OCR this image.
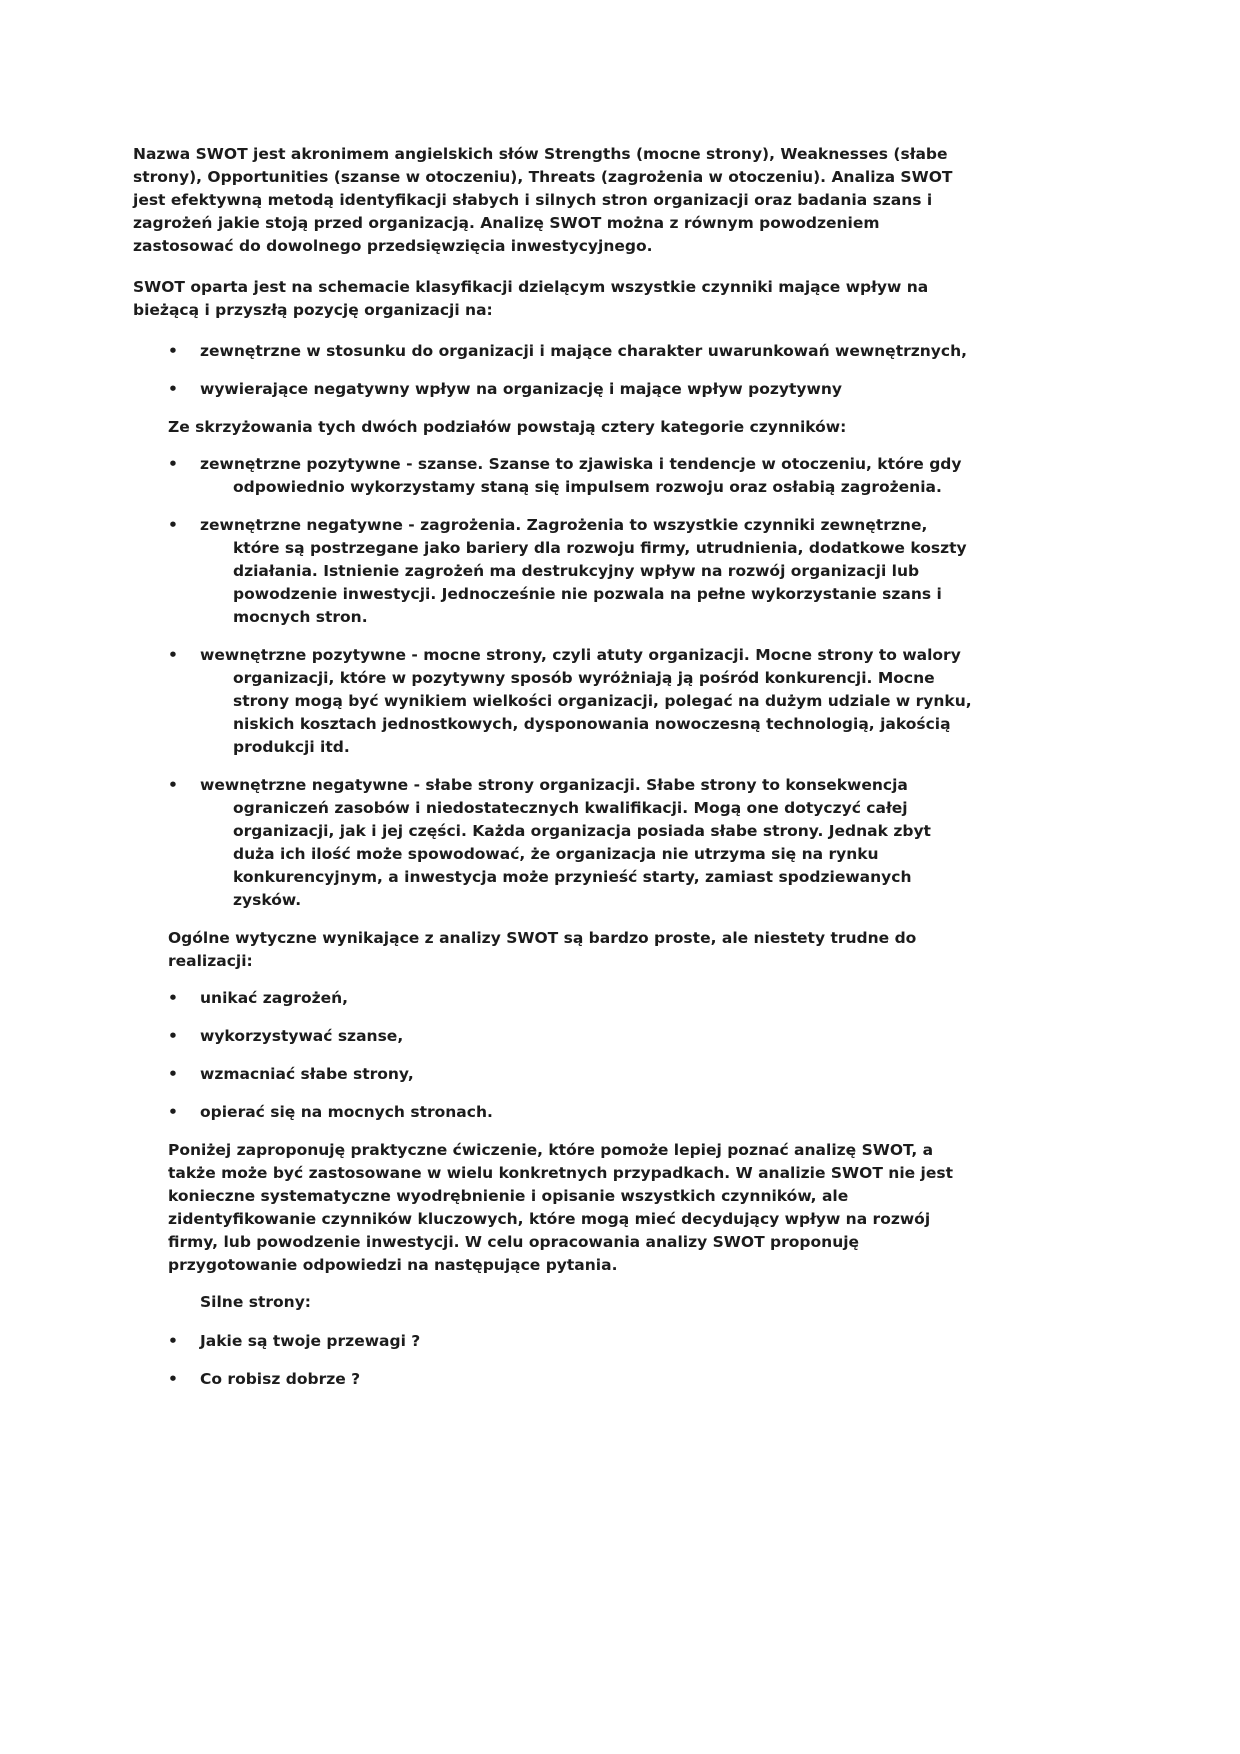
Nazwa SWOT jest akronimem angielskich słów Strengths (mocne strony), Weaknesses (słabe strony), Opportunities (szanse w otoczeniu), Threats (zagrożenia w otoczeniu). Analiza SWOT jest efektywną metodą identyfikacji słabych i silnych stron organizacji oraz badania szans i zagrożeń jakie stoją przed organizacją. Analizę SWOT można z równym powodzeniem zastosować do dowolnego przedsięwzięcia inwestycyjnego.

SWOT oparta jest na schemacie klasyfikacji dzielącym wszystkie czynniki mające wpływ na bieżącą i przyszłą pozycję organizacji na:

• zewnętrzne w stosunku do organizacji i mające charakter uwarunkowań wewnętrznych,
• wywierające negatywny wpływ na organizację i mające wpływ pozytywny

Ze skrzyżowania tych dwóch podziałów powstają cztery kategorie czynników:

• zewnętrzne pozytywne - szanse. Szanse to zjawiska i tendencje w otoczeniu, które gdy odpowiednio wykorzystamy staną się impulsem rozwoju oraz osłabią zagrożenia.
• zewnętrzne negatywne - zagrożenia. Zagrożenia to wszystkie czynniki zewnętrzne, które są postrzegane jako bariery dla rozwoju firmy, utrudnienia, dodatkowe koszty działania. Istnienie zagrożeń ma destrukcyjny wpływ na rozwój organizacji lub powodzenie inwestycji. Jednocześnie nie pozwala na pełne wykorzystanie szans i mocnych stron.
• wewnętrzne pozytywne - mocne strony, czyli atuty organizacji. Mocne strony to walory organizacji, które w pozytywny sposób wyróżniają ją pośród konkurencji. Mocne strony mogą być wynikiem wielkości organizacji, polegać na dużym udziale w rynku, niskich kosztach jednostkowych, dysponowania nowoczesną technologią, jakością produkcji itd.
• wewnętrzne negatywne - słabe strony organizacji. Słabe strony to konsekwencja ograniczeń zasobów i niedostatecznych kwalifikacji. Mogą one dotyczyć całej organizacji, jak i jej części. Każda organizacja posiada słabe strony. Jednak zbyt duża ich ilość może spowodować, że organizacja nie utrzyma się na rynku konkurencyjnym, a inwestycja może przynieść starty, zamiast spodziewanych zysków.

Ogólne wytyczne wynikające z analizy SWOT są bardzo proste, ale niestety trudne do realizacji:

• unikać zagrożeń,
• wykorzystywać szanse,
• wzmacniać słabe strony,
• opierać się na mocnych stronach.

Poniżej zaproponuję praktyczne ćwiczenie, które pomoże lepiej poznać analizę SWOT, a także może być zastosowane w wielu konkretnych przypadkach. W analizie SWOT nie jest konieczne systematyczne wyodrębnienie i opisanie wszystkich czynników, ale zidentyfikowanie czynników kluczowych, które mogą mieć decydujący wpływ na rozwój firmy, lub powodzenie inwestycji. W celu opracowania analizy SWOT proponuję przygotowanie odpowiedzi na następujące pytania.

Silne strony:

• Jakie są twoje przewagi ?
• Co robisz dobrze ?
